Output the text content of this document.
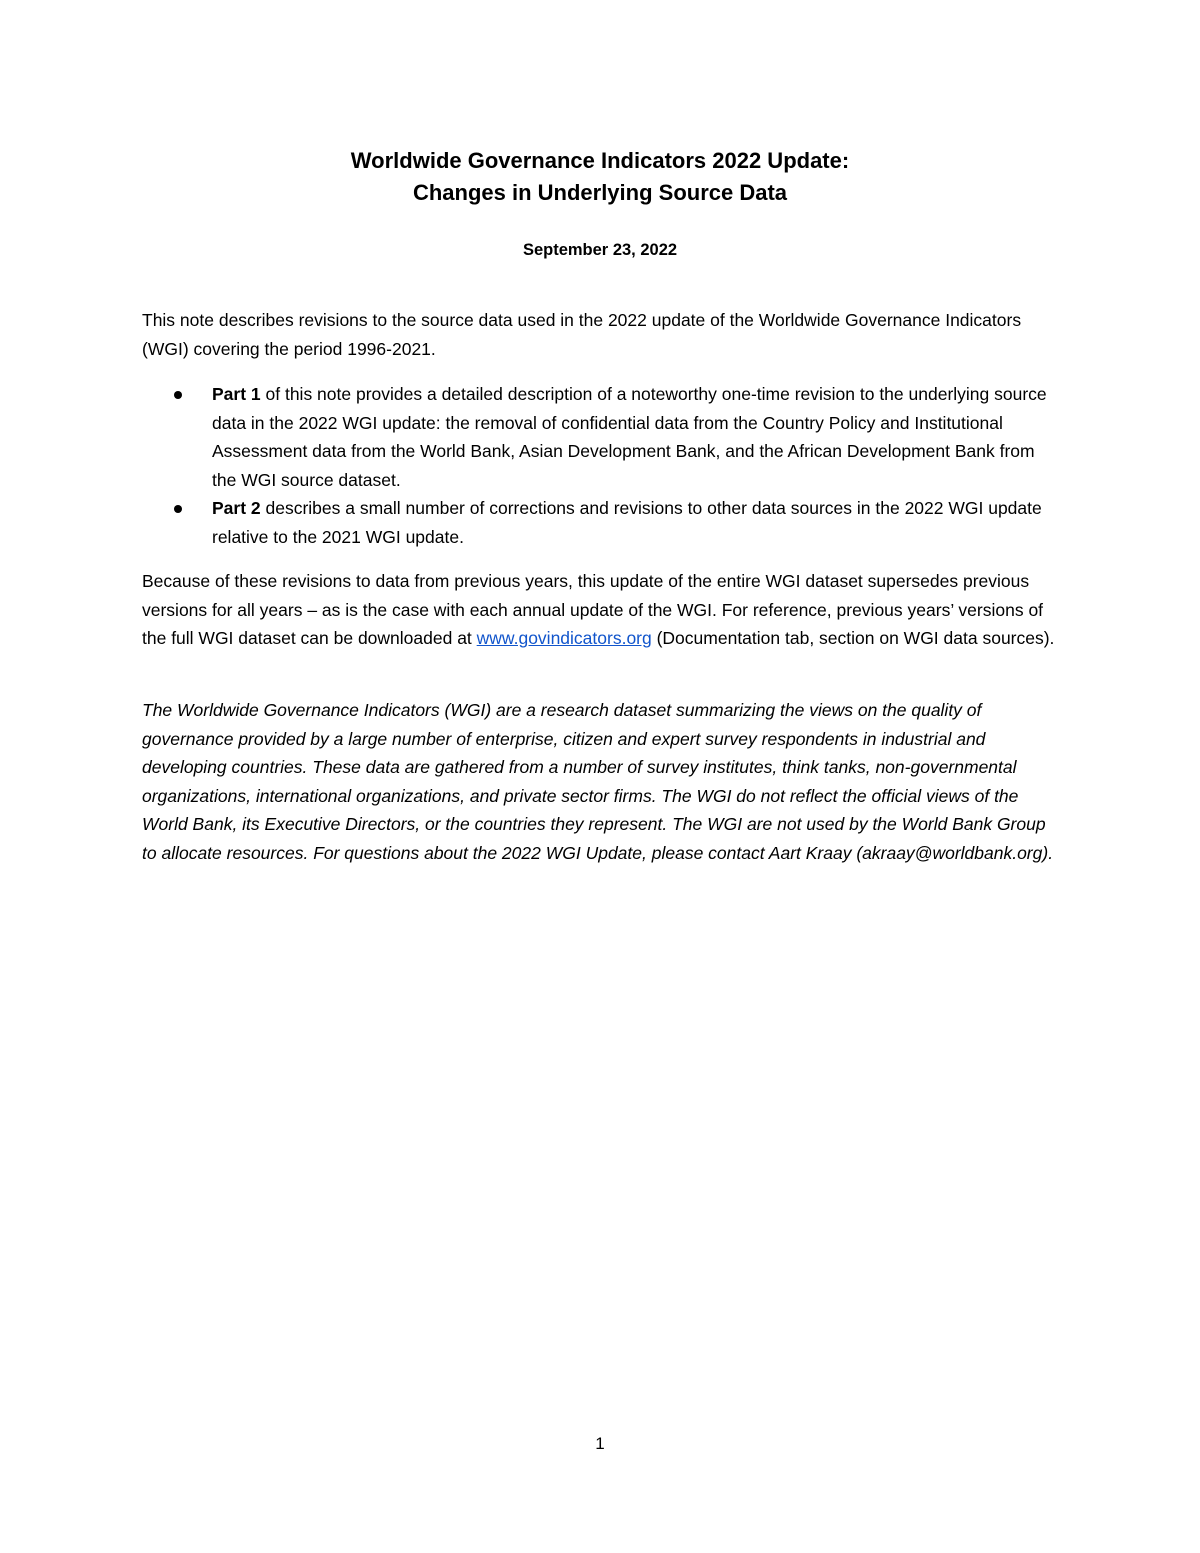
Worldwide Governance Indicators 2022 Update:
Changes in Underlying Source Data
September 23, 2022
This note describes revisions to the source data used in the 2022 update of the Worldwide Governance Indicators (WGI) covering the period 1996-2021.
Part 1 of this note provides a detailed description of a noteworthy one-time revision to the underlying source data in the 2022 WGI update: the removal of confidential data from the Country Policy and Institutional Assessment data from the World Bank, Asian Development Bank, and the African Development Bank from the WGI source dataset.
Part 2 describes a small number of corrections and revisions to other data sources in the 2022 WGI update relative to the 2021 WGI update.
Because of these revisions to data from previous years, this update of the entire WGI dataset supersedes previous versions for all years – as is the case with each annual update of the WGI. For reference, previous years’ versions of the full WGI dataset can be downloaded at www.govindicators.org (Documentation tab, section on WGI data sources).
The Worldwide Governance Indicators (WGI) are a research dataset summarizing the views on the quality of governance provided by a large number of enterprise, citizen and expert survey respondents in industrial and developing countries. These data are gathered from a number of survey institutes, think tanks, non-governmental organizations, international organizations, and private sector firms. The WGI do not reflect the official views of the World Bank, its Executive Directors, or the countries they represent. The WGI are not used by the World Bank Group to allocate resources. For questions about the 2022 WGI Update, please contact Aart Kraay (akraay@worldbank.org).
1
